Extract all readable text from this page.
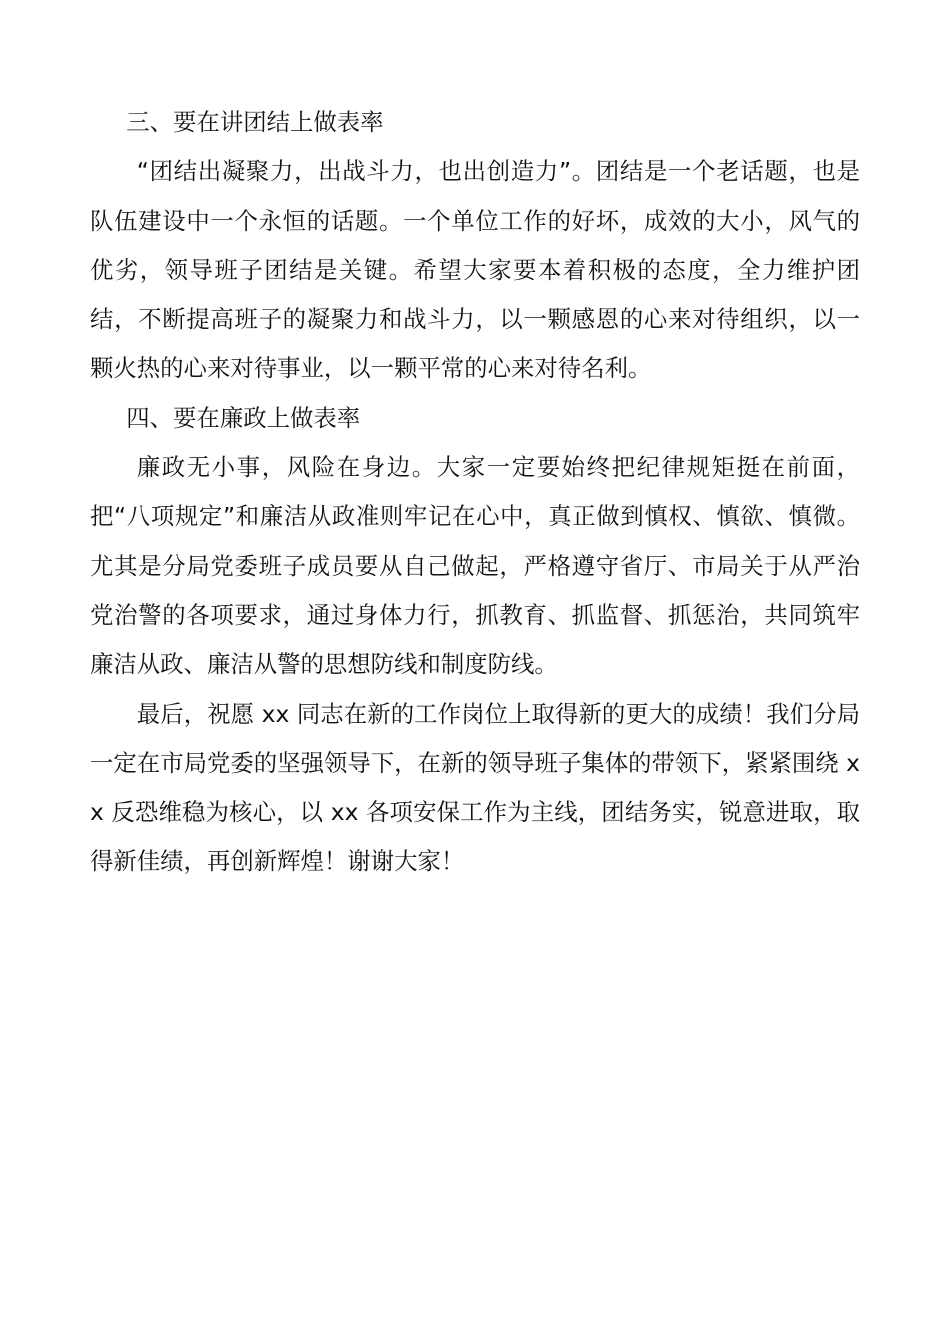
三、要在讲团结上做表率

“团结出凝聚力，出战斗力，也出创造力”。团结是一个老话题，也是队伍建设中一个永恒的话题。一个单位工作的好坏，成效的大小，风气的优劣，领导班子团结是关键。希望大家要本着积极的态度，全力维护团结，不断提高班子的凝聚力和战斗力，以一颗感恩的心来对待组织，以一颗火热的心来对待事业，以一颗平常的心来对待名利。

四、要在廉政上做表率

廉政无小事，风险在身边。大家一定要始终把纪律规矩挺在前面，把“八项规定”和廉洁从政准则牢记在心中，真正做到慎权、慎欲、慎微。尤其是分局党委班子成员要从自己做起，严格遵守省厅、市局关于从严治党治警的各项要求，通过身体力行，抓教育、抓监督、抓惩治，共同筑牢廉洁从政、廉洁从警的思想防线和制度防线。

最后，祝愿 xx 同志在新的工作岗位上取得新的更大的成绩！我们分局一定在市局党委的坚强领导下，在新的领导班子集体的带领下，紧紧围绕 xx 反恐维稳为核心，以 xx 各项安保工作为主线，团结务实，锐意进取，取得新佳绩，再创新辉煌！谢谢大家！
